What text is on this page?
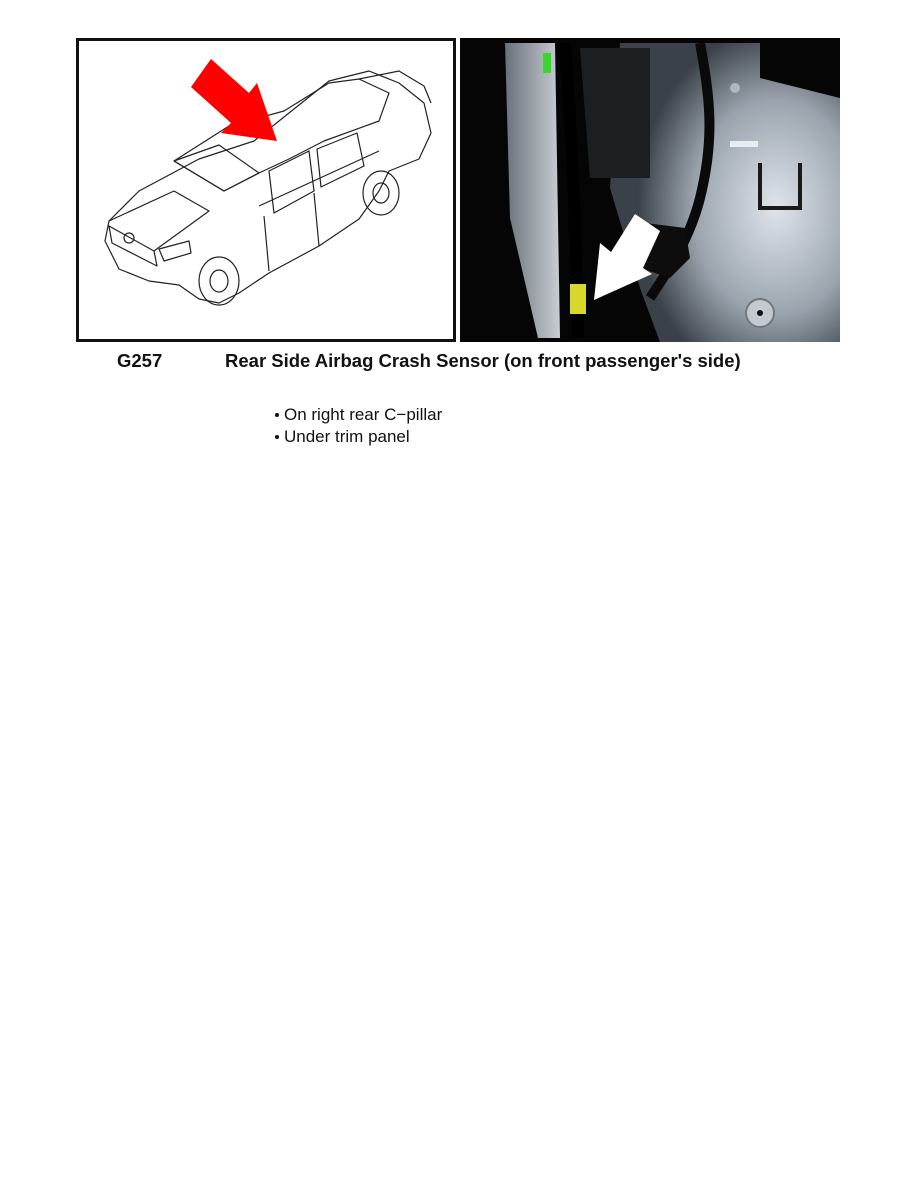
G257	Rear Side Airbag Crash Sensor (on front passenger's side)
On right rear C−pillar
Under trim panel
